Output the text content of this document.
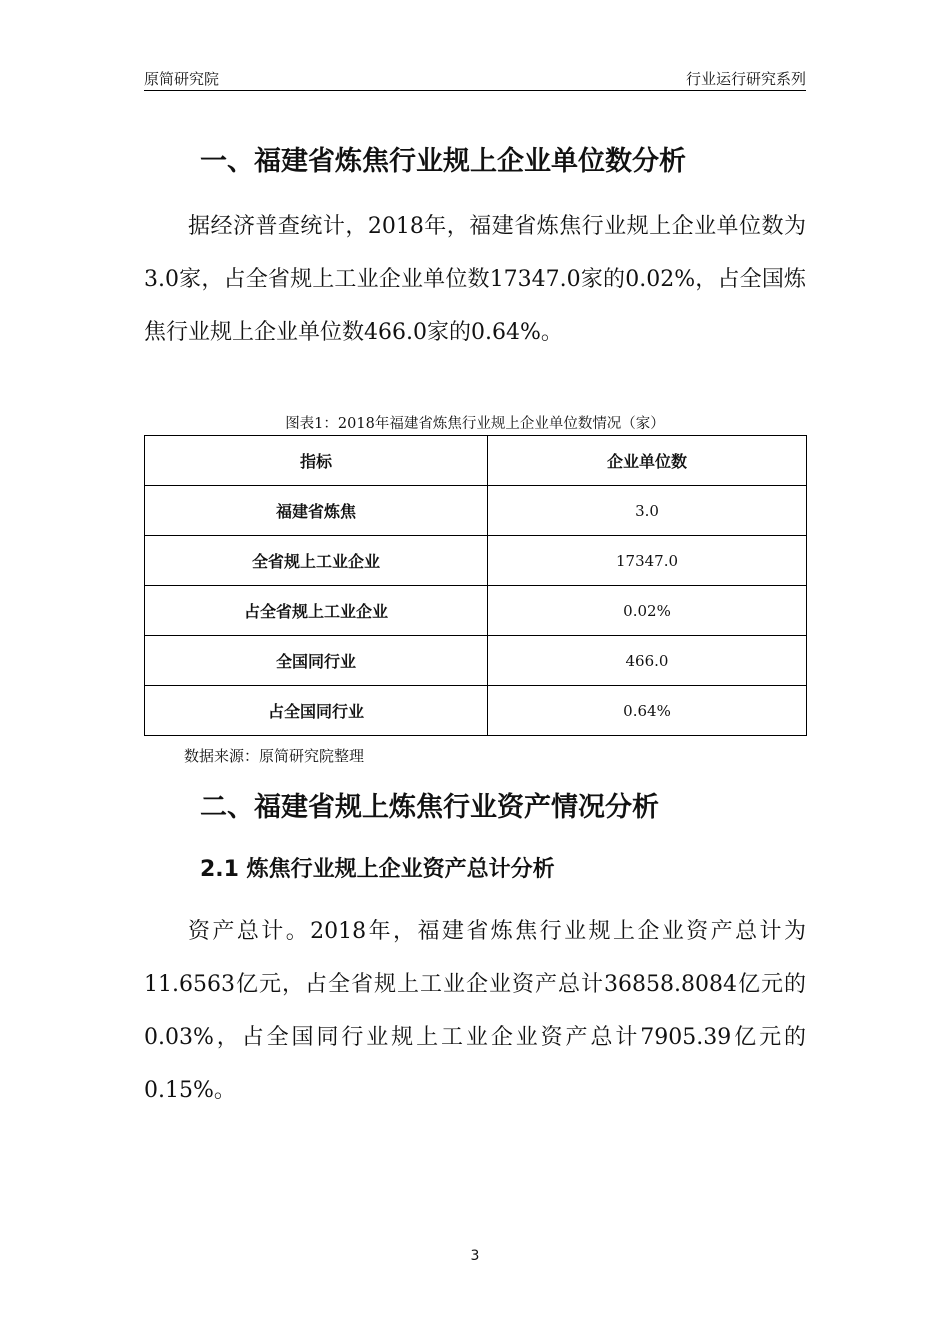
原简研究院	行业运行研究系列
一、福建省炼焦行业规上企业单位数分析
据经济普查统计，2018年，福建省炼焦行业规上企业单位数为3.0家，占全省规上工业企业单位数17347.0家的0.02%，占全国炼焦行业规上企业单位数466.0家的0.64%。
图表1：2018年福建省炼焦行业规上企业单位数情况（家）
指标	企业单位数
福建省炼焦	3.0
全省规上工业企业	17347.0
占全省规上工业企业	0.02%
全国同行业	466.0
占全国同行业	0.64%
数据来源：原简研究院整理
二、福建省规上炼焦行业资产情况分析
2.1 炼焦行业规上企业资产总计分析
资产总计。2018年，福建省炼焦行业规上企业资产总计为11.6563亿元，占全省规上工业企业资产总计36858.8084亿元的0.03%，占全国同行业规上工业企业资产总计7905.39亿元的0.15%。
3
